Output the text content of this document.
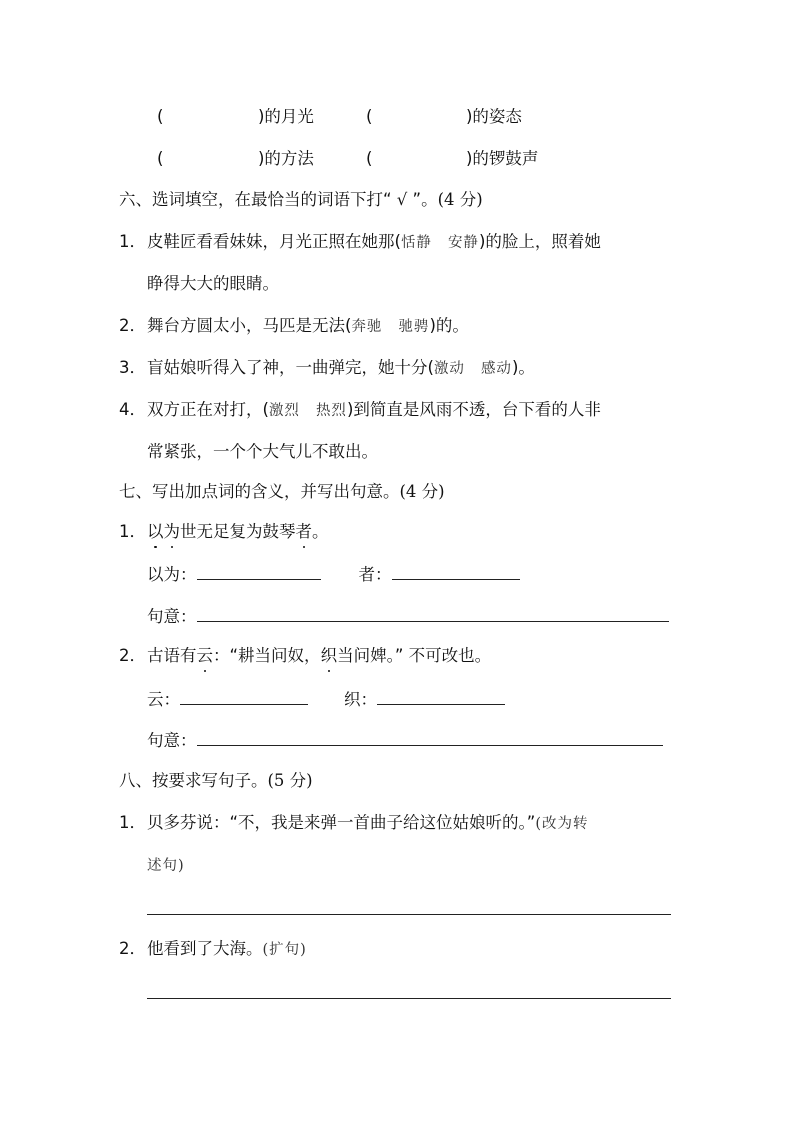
(	)的月光	(	)的姿态
(	)的方法	(	)的锣鼓声
六、选词填空，在最恰当的词语下打“ √ ”。(4 分)
1．皮鞋匠看看妹妹，月光正照在她那(恬静 安静)的脸上，照着她
睁得大大的眼睛。
2．舞台方圆太小，马匹是无法(奔驰 驰骋)的。
3．盲姑娘听得入了神，一曲弹完，她十分(激动 感动)。
4．双方正在对打，(激烈 热烈)到简直是风雨不透，台下看的人非
常紧张，一个个大气儿不敢出。
七、写出加点词的含义，并写出句意。(4 分)
1．以为世无足复为鼓琴者。
以为：	者：
句意：
2．古语有云：“耕当问奴，织当问婢。” 不可改也。
云：	织：
句意：
八、按要求写句子。(5 分)
1．贝多芬说：“不，我是来弹一首曲子给这位姑娘听的。”(改为转
述句)
2．他看到了大海。(扩句)
